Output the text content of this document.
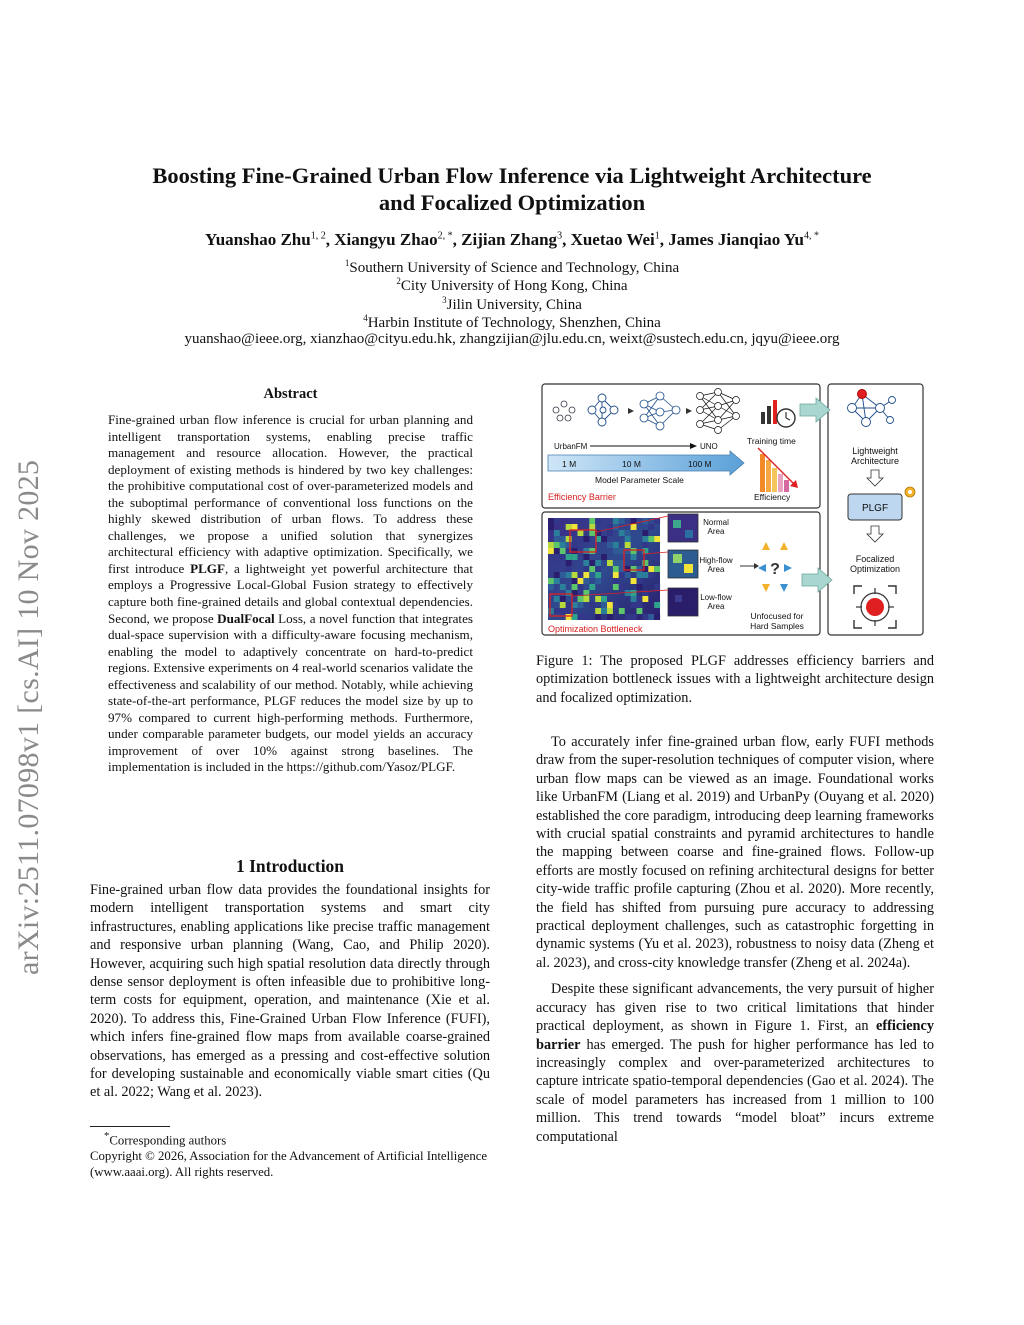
arXiv:2511.07098v1 [cs.AI] 10 Nov 2025
Boosting Fine-Grained Urban Flow Inference via Lightweight Architecture
and Focalized Optimization
Yuanshao Zhu$^{1, 2}$, Xiangyu Zhao$^{2, *}$, Zijian Zhang$^3$, Xuetao Wei$^1$, James Jianqiao $Yu^{4, *}$
$^1$Southern University of Science and Technology, China
$^2$City University of Hong Kong, China
$^3$Jilin University, China
$^4$Harbin Institute of Technology, Shenzhen, China
yuanshao@ieee.org, xianzhao@cityu.edu.hk, zhangzijian@jlu.edu.cn, weixt@sustech.edu.cn, jqyu@ieee.org
Abstract

Fine-grained urban flow inference is crucial for urban planning and intelligent transportation systems, enabling precise traffic management and resource allocation. However, the practical deployment of existing methods is hindered by two key challenges: the prohibitive computational cost of over-parameterized models and the suboptimal performance of conventional loss functions on the highly skewed distribution of urban flows. To address these challenges, we propose a unified solution that synergizes architectural efficiency with adaptive optimization. Specifically, we first introduce PLGF, a lightweight yet powerful architecture that employs a Progressive Local-Global Fusion strategy to effectively capture both fine-grained details and global contextual dependencies. Second, we propose DualFocal Loss, a novel function that integrates dual-space supervision with a difficulty-aware focusing mechanism, enabling the model to adaptively concentrate on hard-to-predict regions. Extensive experiments on 4 real-world scenarios validate the effectiveness and scalability of our method. Notably, while achieving state-of-the-art performance, PLGF reduces the model size by up to 97% compared to current high-performing methods. Furthermore, under comparable parameter budgets, our model yields an accuracy improvement of over 10% against strong baselines. The implementation is included in the https://github.com/Yasoz/PLGF.

1 Introduction

Fine-grained urban flow data provides the foundational insights for modern intelligent transportation systems and smart city infrastructures, enabling applications like precise traffic management and responsive urban planning (Wang, Cao, and Philip 2020). However, acquiring such high spatial resolution data directly through dense sensor deployment is often infeasible due to prohibitive long-term costs for equipment, operation, and maintenance (Xie et al. 2020). To address this, Fine-Grained Urban Flow Inference (FUFI), which infers fine-grained flow maps from available coarse-grained observations, has emerged as a pressing and cost-effective solution for developing sustainable and economically viable smart cities (Qu et al. 2022; Wang et al. 2023).

*Corresponding authors
Copyright © 2026, Association for the Advancement of Artificial Intelligence (www.aaai.org). All rights reserved.
UrbanFM	UNO
1 M	10 M	100 M
Model Parameter Scale
Efficiency Barrier
Training time
Efficiency
Lightweight
Architecture
PLGF
Focalized
Optimization
Normal
Area
High-flow
Area
Low-flow
Area
?
Unfocused for
Hard Samples
Optimization Bottleneck
Figure 1: The proposed PLGF addresses efficiency barriers and optimization bottleneck issues with a lightweight architecture design and focalized optimization.

To accurately infer fine-grained urban flow, early FUFI methods draw from the super-resolution techniques of computer vision, where urban flow maps can be viewed as an image. Foundational works like UrbanFM (Liang et al. 2019) and UrbanPy (Ouyang et al. 2020) established the core paradigm, introducing deep learning frameworks with crucial spatial constraints and pyramid architectures to handle the mapping between coarse and fine-grained flows. Follow-up efforts are mostly focused on refining architectural designs for better city-wide traffic profile capturing (Zhou et al. 2020). More recently, the field has shifted from pursuing pure accuracy to addressing practical deployment challenges, such as catastrophic forgetting in dynamic systems (Yu et al. 2023), robustness to noisy data (Zheng et al. 2023), and cross-city knowledge transfer (Zheng et al. 2024a).

Despite these significant advancements, the very pursuit of higher accuracy has given rise to two critical limitations that hinder practical deployment, as shown in Figure 1. First, an efficiency barrier has emerged. The push for higher performance has led to increasingly complex and over-parameterized architectures to capture intricate spatio-temporal dependencies (Gao et al. 2024). The scale of model parameters has increased from 1 million to 100 million. This trend towards “model bloat” incurs extreme computational
